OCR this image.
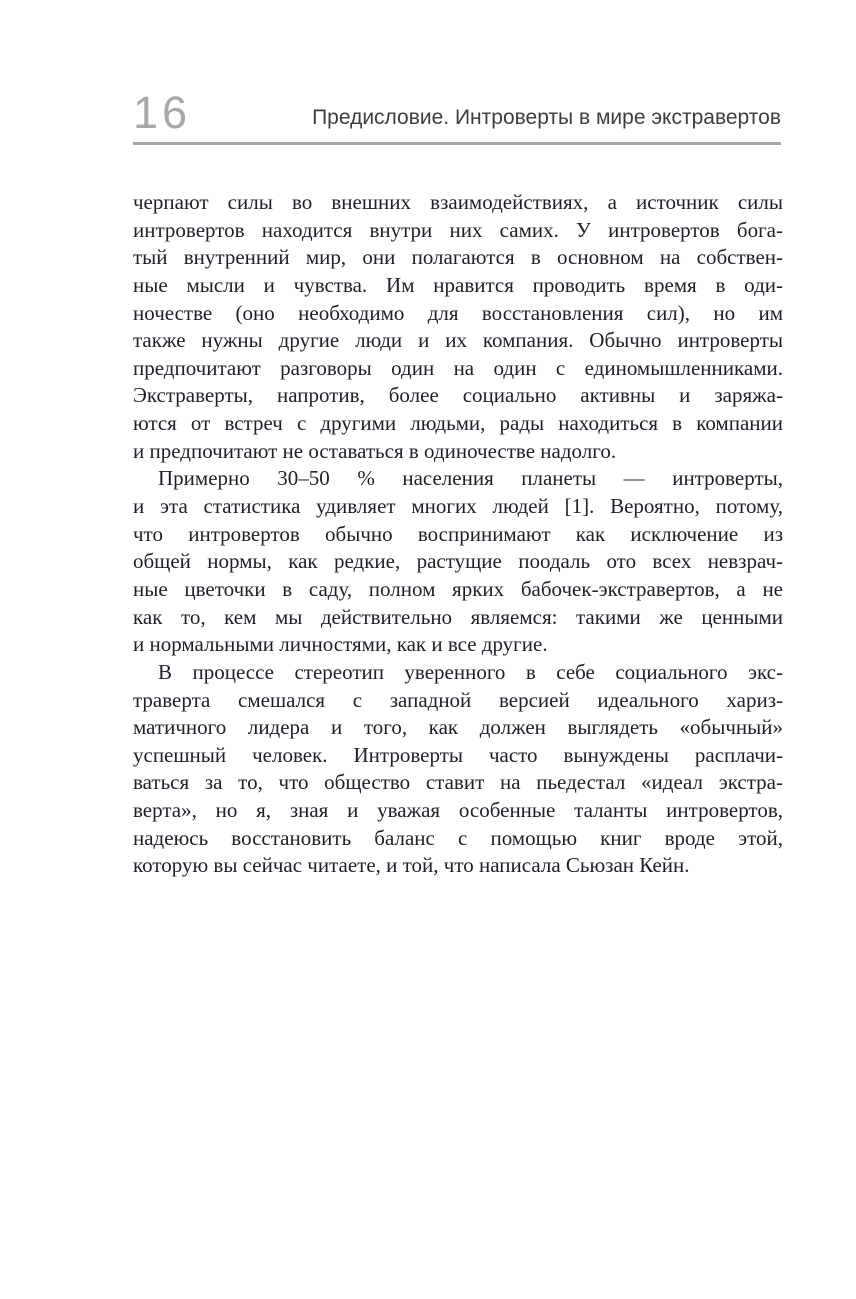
16	Предисловие. Интроверты в мире экстравертов
черпают силы во внешних взаимодействиях, а источник силы
интровертов находится внутри них самих. У интровертов бога-
тый внутренний мир, они полагаются в основном на собствен-
ные мысли и чувства. Им нравится проводить время в оди-
ночестве (оно необходимо для восстановления сил), но им
также нужны другие люди и их компания. Обычно интроверты
предпочитают разговоры один на один с единомышленниками.
Экстраверты, напротив, более социально активны и заряжа-
ются от встреч с другими людьми, рады находиться в компании
и предпочитают не оставаться в одиночестве надолго.
Примерно 30–50 % населения планеты — интроверты,
и эта статистика удивляет многих людей [1]. Вероятно, потому,
что интровертов обычно воспринимают как исключение из
общей нормы, как редкие, растущие поодаль ото всех невзрач-
ные цветочки в саду, полном ярких бабочек-экстравертов, а не
как то, кем мы действительно являемся: такими же ценными
и нормальными личностями, как и все другие.
В процессе стереотип уверенного в себе социального экс-
траверта смешался с западной версией идеального хариз-
матичного лидера и того, как должен выглядеть «обычный»
успешный человек. Интроверты часто вынуждены расплачи-
ваться за то, что общество ставит на пьедестал «идеал экстра-
верта», но я, зная и уважая особенные таланты интровертов,
надеюсь восстановить баланс с помощью книг вроде этой,
которую вы сейчас читаете, и той, что написала Сьюзан Кейн.
